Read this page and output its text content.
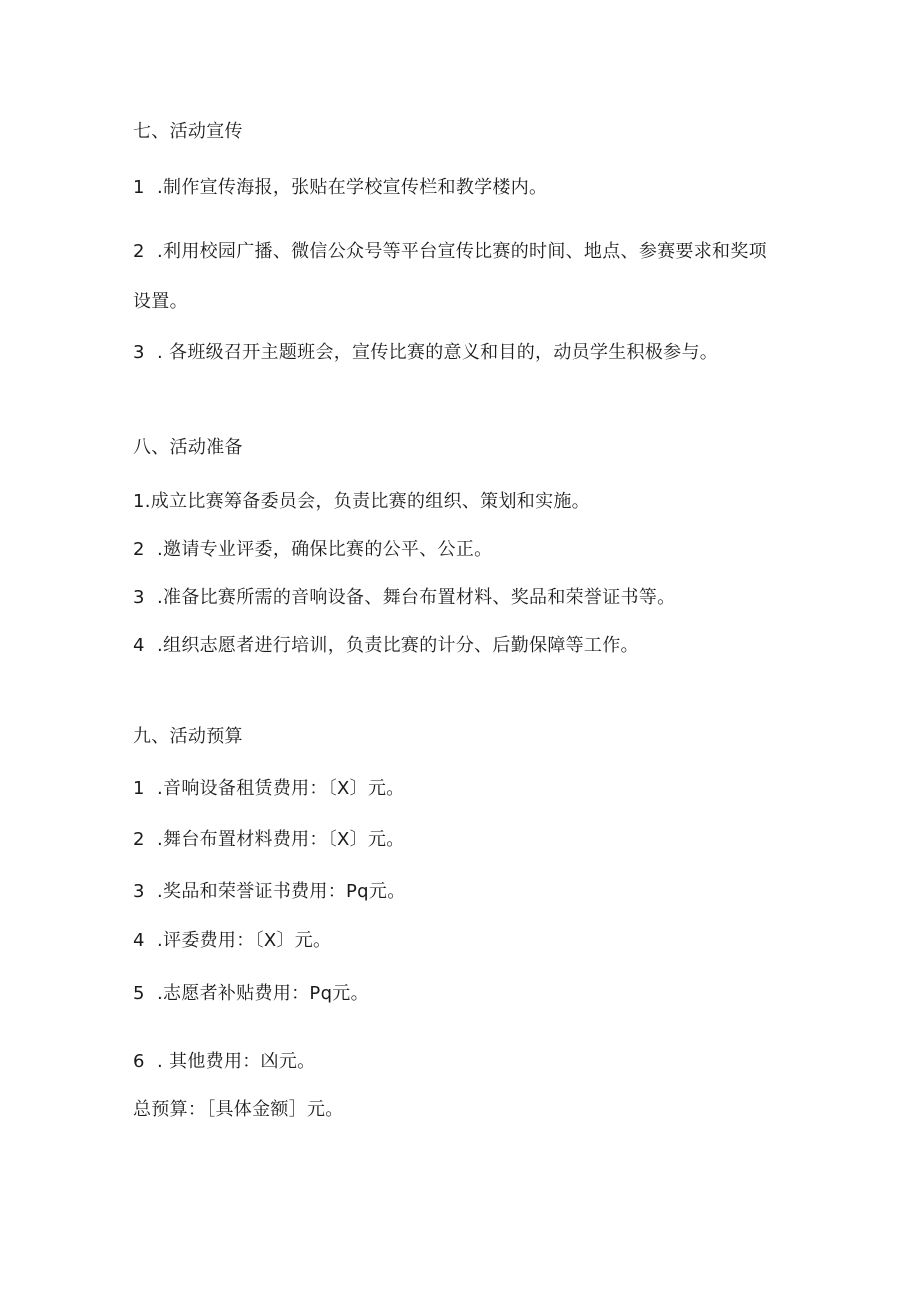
七、活动宣传
1 .制作宣传海报，张贴在学校宣传栏和教学楼内。
2 .利用校园广播、微信公众号等平台宣传比赛的时间、地点、参赛要求和奖项
设置。
3 . 各班级召开主题班会，宣传比赛的意义和目的，动员学生积极参与。
八、活动准备
1.成立比赛筹备委员会，负责比赛的组织、策划和实施。
2 .邀请专业评委，确保比赛的公平、公正。
3 .准备比赛所需的音响设备、舞台布置材料、奖品和荣誉证书等。
4 .组织志愿者进行培训，负责比赛的计分、后勤保障等工作。
九、活动预算
1 .音响设备租赁费用：〔X〕元。
2 .舞台布置材料费用：〔X〕元。
3 .奖品和荣誉证书费用：Pq元。
4 .评委费用：〔X〕元。
5 .志愿者补贴费用：Pq元。
6 . 其他费用：凶元。
总预算：［具体金额］元。
